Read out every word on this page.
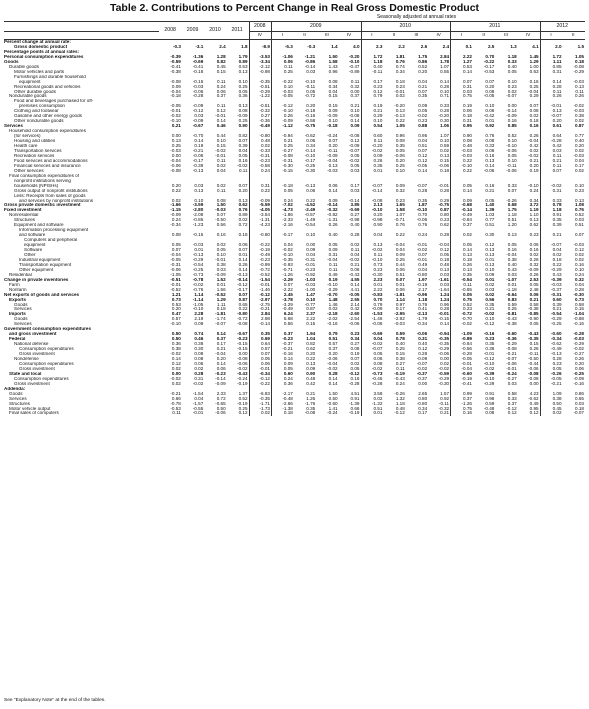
Table 2. Contributions to Percent Change in Real Gross Domestic Product
					Seasonally adjusted at annual rates														
	2008	2009	2010	2011	2008	2009				2010				2011				2012	
					IV	I	II	III	IV	I	II	III	IV	I	II	III	IV	I	II
Percent change at annual rate:																			
Gross domestic product	-0.3	-3.1	2.4	1.8	-8.9	-5.3	-0.3	1.4	4.0	2.3	2.2	2.6	2.4	0.1	2.5	1.3	4.1	2.0	1.5
Percentage points at annual rates:																			
Personal consumption expenditures	-0.39	-1.36	1.28	1.79	-3.53	-1.06	-1.21	1.50	-0.20	1.72	1.81	1.75	2.84	2.22	0.70	1.18	1.45	1.72	1.05
Goods	-0.59	-0.69	0.82	0.89	-3.34	0.06	-0.86	1.58	-0.10	1.18	0.76	0.86	1.78	1.27	-0.22	0.33	1.29	1.11	0.18
Durable goods	-0.41	-0.41	0.45	0.53	-2.12	0.11	-0.14	1.43	-0.47	0.40	0.74	0.52	1.07	0.53	-0.17	0.40	1.00	0.85	-0.08
Motor vehicles and parts	-0.38	-0.16	0.15	0.13	-0.98	0.25	0.03	0.96	-0.89	-0.11	0.34	0.20	0.55	0.14	-0.53	0.05	0.63	0.31	-0.29
Furnishings and durable household																			
equipment	-0.08	-0.15	0.11	0.10	-0.35	-0.22	-0.10	0.08	0.11	0.17	0.18	0.04	0.14	0.07	0.07	0.10	0.16	0.14	-0.03
Recreational goods and vehicles	0.09	-0.03	0.24	0.25	-0.51	0.10	-0.11	0.34	0.32	0.23	0.23	0.21	0.28	0.31	0.20	0.23	0.25	0.28	0.13
Other durable goods	-0.04	-0.06	0.06	0.05	-0.29	-0.03	0.05	0.04	0.00	0.12	-0.01	0.07	0.10	0.03	0.08	0.02	-0.04	0.11	0.11
Nondurable goods	-0.18	-0.28	0.37	0.36	-1.22	-0.05	-0.72	0.15	0.37	0.79	0.02	0.35	0.71	0.75	-0.05	-0.07	0.29	0.26	0.26
Food and beverages purchased for off-																			
premises consumption	-0.05	-0.09	0.11	0.13	-0.51	-0.12	0.20	0.15	0.21	0.19	-0.20	0.09	0.33	0.19	0.10	0.00	0.07	-0.01	-0.02
Clothing and footwear	-0.01	-0.12	0.12	0.08	-0.32	-0.10	-0.18	0.09	0.10	0.21	0.13	0.05	0.28	0.06	0.06	-0.14	0.08	0.13	-0.03
Gasoline and other energy goods	-0.02	0.03	-0.01	-0.09	0.27	0.26	-0.16	-0.09	-0.08	0.29	-0.13	-0.02	-0.20	0.18	-0.42	-0.09	0.02	-0.07	0.38
Other nondurable goods	-0.10	-0.09	0.14	0.25	-0.36	-0.09	-0.58	0.10	0.14	0.10	0.22	0.23	0.30	0.31	0.01	0.16	0.18	0.20	0.02
Services	0.21	-0.67	0.46	0.90	-0.49	-1.12	-0.75	-0.18	0.09	0.54	1.05	0.88	1.06	0.95	0.92	0.85	0.16	0.61	0.87
Household consumption expenditures																			
(for services)	0.00	-0.70	0.44	0.82	-0.80	-0.94	-0.62	-0.24	-0.08	0.60	0.96	0.95	1.07	0.90	0.76	0.52	0.26	0.64	0.77
Housing and utilities	0.13	0.14	0.10	0.07	0.48	0.21	0.06	0.07	0.12	0.11	0.08	0.04	0.10	0.08	0.08	0.10	-0.04	-0.28	0.40
Health care	0.25	0.19	0.15	0.39	0.02	0.25	0.34	0.20	-0.09	-0.20	0.35	0.51	0.59	0.48	0.33	-0.10	0.42	0.42	0.20
Transportation services	-0.03	-0.21	-0.02	0.04	-0.33	-0.27	-0.14	-0.11	-0.07	-0.02	0.05	0.07	0.02	-0.03	0.06	-0.06	0.02	0.03	0.02
Recreation services	0.00	-0.06	-0.01	0.05	-0.31	-0.08	-0.10	-0.09	0.05	0.09	-0.06	0.12	0.13	-0.03	0.16	0.05	-0.02	0.11	-0.03
Food services and accommodations	-0.04	-0.17	0.11	0.16	-0.23	-0.31	-0.17	-0.04	-0.02	0.26	0.20	0.12	0.15	0.22	0.13	0.10	0.21	0.21	0.04
Financial services and insurance	-0.06	-0.39	0.02	-0.02	-0.58	-0.30	-0.25	0.13	0.05	0.35	0.25	-0.05	-0.06	-0.10	0.14	-0.11	0.20	0.11	0.17
Other services	-0.08	-0.13	0.04	0.11	0.24	-0.15	-0.30	-0.03	0.03	0.01	0.10	0.14	0.18	0.22	-0.06	-0.06	0.19	0.07	0.02
Final consumption expenditures of																			
nonprofit institutions serving																			
households (NPISHs)	0.20	0.03	0.02	0.07	0.31	-0.18	-0.13	0.06	0.17	-0.07	0.09	-0.07	-0.01	0.05	0.16	0.33	-0.10	-0.02	0.10
Gross output of nonprofit institutions	0.22	0.13	0.11	0.20	0.22	0.05	0.06	0.14	0.03	-0.14	0.32	0.28	0.28	0.14	0.21	0.07	0.24	0.31	0.23
Less: Receipts from sales of goods																			
and services by nonprofit institutions	0.02	0.10	0.08	0.13	-0.09	0.24	0.22	0.09	-0.14	-0.08	0.23	0.35	0.29	0.09	0.05	-0.26	0.34	0.33	0.13
Gross private domestic investment	-1.66	-3.59	1.50	0.62	-5.59	-7.02	-4.52	-0.14	3.85	2.13	1.65	1.87	-0.75	-0.68	1.40	0.68	3.72	0.78	1.08
Fixed investment	-1.15	-2.80	-0.03	0.76	-4.05	-4.73	-2.49	-0.32	-0.69	-0.10	1.58	-0.10	0.87	-0.14	1.39	1.75	1.19	1.18	0.76
Nonresidential	-0.09	-2.08	0.07	0.89	-3.54	-1.86	-0.57	-0.82	0.27	0.20	1.07	0.70	0.80	-0.49	1.03	1.18	1.10	0.91	0.52
Structures	0.24	-0.85	-0.50	0.02	-1.31	-2.33	-1.49	-1.31	-0.98	-0.98	-0.71	-0.06	0.23	-0.84	0.77	0.51	0.13	0.35	0.03
Equipment and software	-0.34	-1.23	0.56	0.72	-4.23	-2.16	-0.54	0.26	0.40	0.90	0.76	0.76	0.62	0.37	0.51	1.20	0.62	0.39	0.51
Information processing equipment																			
and software	0.08	-0.15	0.16	0.18	-0.80	-0.17	0.10	0.40	0.28	0.04	0.22	0.24	0.28	0.02	0.30	0.13	0.23	0.21	0.07
Computers and peripheral																			
equipment	0.05	-0.03	0.02	0.06	-0.22	0.04	0.00	0.05	0.02	0.13	-0.04	-0.01	-0.04	0.05	0.12	0.05	0.06	-0.07	-0.03
Software	0.07	0.01	0.05	0.07	-0.19	-0.02	0.09	0.09	0.11	-0.02	0.04	-0.02	0.12	0.14	0.13	0.16	0.16	0.04	0.12
Other	-0.04	-0.13	0.10	0.01	-0.49	-0.10	0.04	0.31	0.04	0.11	0.09	0.07	0.05	0.13	0.13	-0.04	0.02	0.02	0.02
Industrial equipment	-0.05	-0.29	-0.01	0.14	-0.23	-0.35	-0.31	-0.04	-0.02	-0.10	0.25	-0.01	0.18	0.18	0.01	0.38	0.26	0.18	0.02
Transportation equipment	-0.31	-0.54	0.38	0.26	-0.99	-0.93	-0.01	0.11	0.21	0.73	0.44	0.49	0.48	0.26	0.13	0.40	0.32	0.22	0.16
Other equipment	-0.06	-0.25	0.03	0.14	-0.72	-0.71	-0.23	0.11	0.06	0.23	0.06	0.04	0.13	0.13	0.10	0.43	-0.09	-0.29	0.10
Residential	-1.05	-0.73	-0.09	-0.13	-0.52	-1.26	-0.92	0.49	-0.43	-0.30	0.51	-0.80	0.03	0.35	0.09	0.03	0.26	0.43	0.24
Change in private inventories	-0.51	-0.78	1.52	-0.14	-1.54	-2.29	-1.03	0.19	4.55	2.23	0.07	1.97	-1.61	-0.54	0.01	-1.07	2.53	-0.39	0.32
Farm	-0.01	-0.02	0.01	-0.12	-0.01	0.07	-0.03	-0.10	0.14	0.01	0.01	-0.19	0.03	0.11	0.02	0.01	0.05	-0.03	0.04
Nonfarm	-0.52	-0.76	1.56	-0.17	-1.46	-2.22	-1.00	0.29	4.41	2.22	0.06	2.17	-1.64	-0.65	0.03	-1.18	2.48	-0.37	0.28
Net exports of goods and services	1.21	1.14	-0.52	0.07	-0.12	2.45	1.47	-0.70	-0.05	-0.83	-1.81	-0.96	1.24	0.05	0.02	-0.64	0.06	-0.31	-0.30
Exports	0.73	-1.14	1.29	0.87	-2.97	-3.78	0.10	1.48	2.55	0.70	1.14	1.18	1.24	0.75	0.56	0.83	0.21	0.60	0.73
Goods	0.53	-1.05	1.11	0.65	-2.75	-3.29	-0.77	1.46	2.14	0.79	0.97	0.76	0.96	0.52	0.35	0.59	0.58	0.39	0.58
Services	0.20	-0.10	0.18	0.22	-0.21	-0.49	0.87	0.02	0.42	-0.09	0.17	0.41	0.28	0.23	0.21	0.25	-0.38	0.21	0.15
Imports	0.47	2.28	-1.81	-0.80	2.84	6.24	2.37	-2.18	-2.60	-1.53	-2.95	-2.13	-0.01	-0.72	-0.02	-0.81	-0.85	-0.54	-1.04
Goods	0.57	2.19	-1.74	-0.72	2.98	5.68	2.22	-2.02	-2.54	-1.46	-2.92	-1.79	-0.15	-0.70	0.10	-0.43	-0.90	-0.29	-0.88
Services	-0.10	0.09	-0.07	-0.08	-0.14	0.56	0.15	-0.16	-0.06	-0.06	-0.03	-0.34	0.14	-0.02	-0.12	-0.38	0.05	-0.25	-0.16
Government consumption expenditures																			
and gross investment	0.50	0.74	0.14	-0.67	0.35	0.37	1.94	0.79	0.23	-0.69	0.59	-0.06	-0.94	-1.09	-0.16	-0.60	-0.43	-0.60	-0.28
Federal	0.50	0.46	0.37	-0.23	0.69	-0.23	1.04	0.51	0.34	0.04	0.78	0.31	-0.35	-0.89	0.23	-0.36	-0.35	-0.34	-0.03
National defense	0.36	0.38	0.17	-0.15	0.64	-0.37	0.82	0.57	0.27	-0.02	0.40	0.40	-0.35	-0.84	0.35	-0.29	0.15	-0.62	-0.29
Consumption expenditures	0.38	0.30	0.21	-0.15	0.57	-0.21	0.62	0.37	0.08	-0.07	0.25	0.12	-0.29	-0.56	0.36	-0.08	0.26	-0.49	-0.02
Gross investment	-0.02	0.08	-0.04	0.00	0.07	-0.16	0.20	0.20	0.19	0.05	0.15	0.28	-0.06	-0.28	-0.01	-0.21	-0.11	-0.13	-0.27
Nondefense	0.14	0.08	0.20	-0.08	0.05	0.14	0.22	-0.06	0.07	0.06	0.38	-0.09	0.00	-0.05	-0.12	-0.07	-0.50	0.28	0.26
Consumption expenditures	0.12	0.06	0.14	-0.06	0.06	0.09	0.13	-0.04	0.02	0.08	0.27	-0.07	0.02	-0.01	-0.10	-0.06	-0.44	0.23	0.20
Gross investment	0.02	0.02	0.06	-0.02	-0.01	0.05	0.09	-0.02	0.05	-0.02	0.11	-0.02	-0.02	-0.04	-0.02	-0.01	-0.06	0.05	0.06
State and local	0.00	0.28	-0.23	-0.43	-0.34	0.60	0.90	0.28	-0.12	-0.73	-0.19	-0.37	-0.59	-0.60	-0.39	-0.24	-0.08	-0.26	-0.25
Consumption expenditures	-0.02	0.31	-0.14	-0.24	-0.12	0.24	0.48	0.14	0.16	-0.45	-0.43	-0.37	-0.29	-0.19	-0.10	-0.27	-0.08	-0.05	-0.09
Gross investment	0.02	-0.02	-0.09	-0.19	-0.22	0.36	0.42	0.14	-0.28	-0.28	0.24	0.00	-0.30	-0.41	-0.29	0.03	0.00	-0.21	-0.16
Addenda:																			
Goods	-0.21	-1.54	2.33	1.37	-6.83	-2.17	0.21	1.50	4.51	3.58	-0.26	2.65	1.57	0.99	0.91	0.58	4.23	1.09	0.86
Services	0.66	0.04	0.72	0.52	-0.35	-0.48	1.26	0.50	0.91	0.02	1.32	0.80	0.92	0.37	0.98	0.33	-0.62	0.38	0.65
Structures	-0.78	-1.57	-0.65	-0.19	-1.71	-2.66	-1.76	-0.60	-1.39	-1.32	1.18	-0.80	-0.11	-1.26	0.59	0.37	0.49	0.50	0.03
Motor vehicle output	-0.53	-0.55	0.50	0.25	-1.73	-1.38	0.35	1.41	0.66	0.51	0.48	0.34	-0.32	0.75	-0.48	-0.12	0.95	0.45	0.18
Final sales of computers	0.11	-0.01	-0.06	0.12	0.02	0.18	-0.08	-0.24	-0.19	0.01	-0.12	0.17	0.21	0.16	0.08	0.12	0.12	0.02	-0.07
See "Explanatory Note" at the end of the tables.
